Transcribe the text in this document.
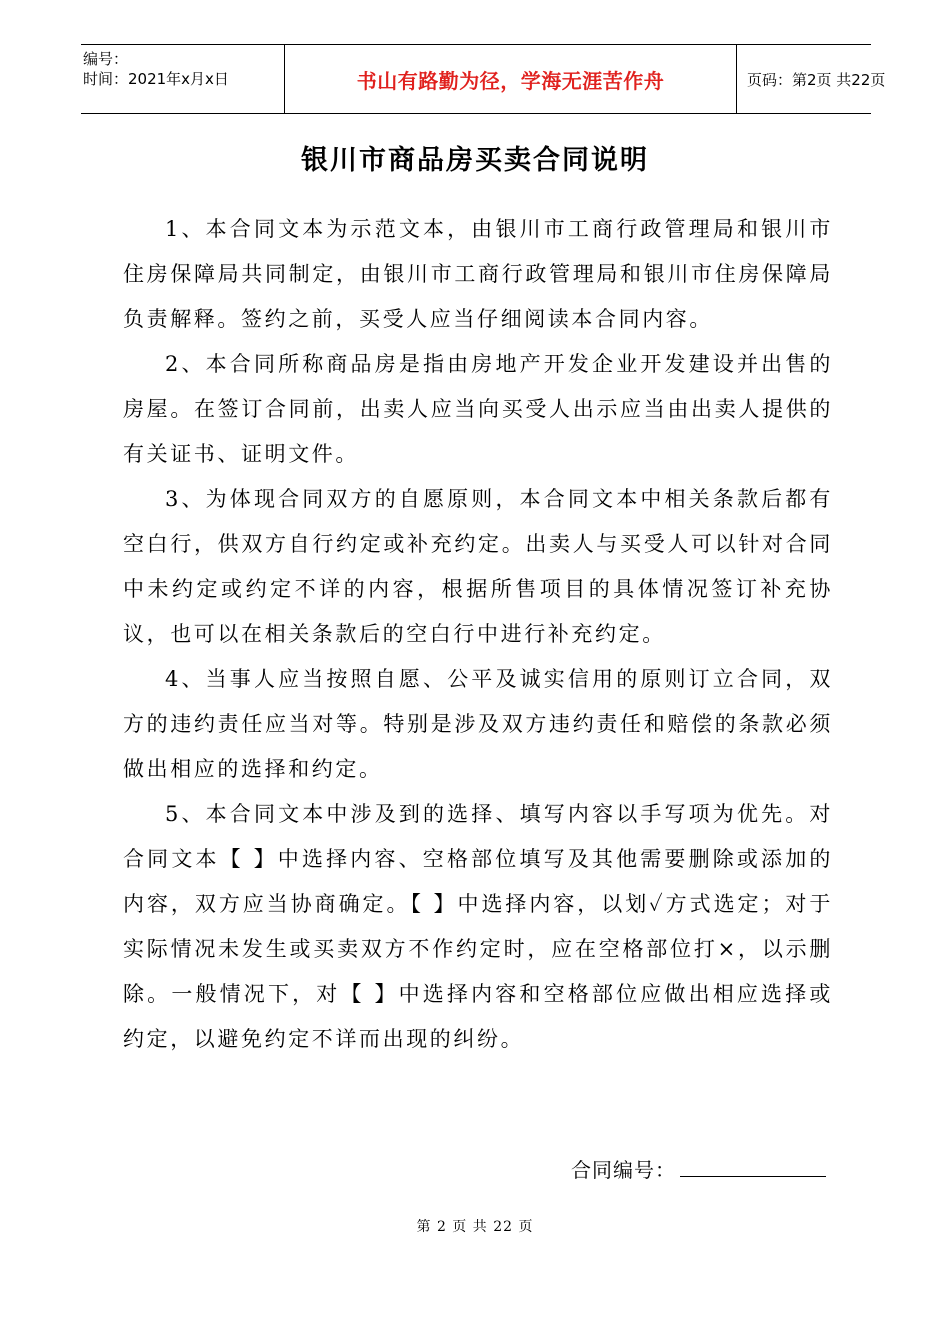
编号：
时间：2021年x月x日	书山有路勤为径，学海无涯苦作舟	页码：第2页 共22页
银川市商品房买卖合同说明

1、本合同文本为示范文本，由银川市工商行政管理局和银川市住房保障局共同制定，由银川市工商行政管理局和银川市住房保障局负责解释。签约之前，买受人应当仔细阅读本合同内容。

2、本合同所称商品房是指由房地产开发企业开发建设并出售的房屋。在签订合同前，出卖人应当向买受人出示应当由出卖人提供的有关证书、证明文件。

3、为体现合同双方的自愿原则，本合同文本中相关条款后都有空白行，供双方自行约定或补充约定。出卖人与买受人可以针对合同中未约定或约定不详的内容，根据所售项目的具体情况签订补充协议，也可以在相关条款后的空白行中进行补充约定。

4、当事人应当按照自愿、公平及诚实信用的原则订立合同，双方的违约责任应当对等。特别是涉及双方违约责任和赔偿的条款必须做出相应的选择和约定。

5、本合同文本中涉及到的选择、填写内容以手写项为优先。对合同文本【 】中选择内容、空格部位填写及其他需要删除或添加的内容，双方应当协商确定。【 】中选择内容，以划✓方式选定；对于实际情况未发生或买卖双方不作约定时，应在空格部位打×，以示删除。一般情况下，对【 】中选择内容和空格部位应做出相应选择或约定，以避免约定不详而出现的纠纷。

合同编号：
第 2 页 共 22 页
